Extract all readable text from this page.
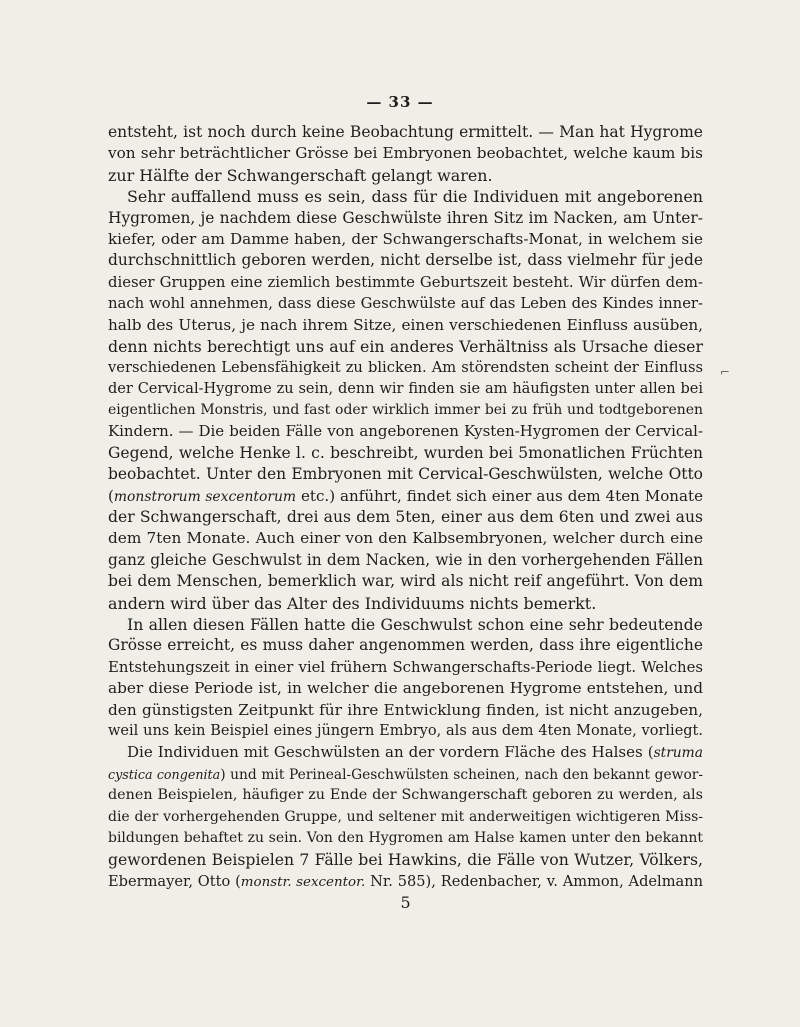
— 33 —
entsteht, ist noch durch keine Beobachtung ermittelt. — Man hat Hygrome
von sehr beträchtlicher Grösse bei Embryonen beobachtet, welche kaum bis
zur Hälfte der Schwangerschaft gelangt waren.
Sehr auffallend muss es sein, dass für die Individuen mit angeborenen
Hygromen, je nachdem diese Geschwülste ihren Sitz im Nacken, am Unter-
kiefer, oder am Damme haben, der Schwangerschafts-Monat, in welchem sie
durchschnittlich geboren werden, nicht derselbe ist, dass vielmehr für jede
dieser Gruppen eine ziemlich bestimmte Geburtszeit besteht. Wir dürfen dem-
nach wohl annehmen, dass diese Geschwülste auf das Leben des Kindes inner-
halb des Uterus, je nach ihrem Sitze, einen verschiedenen Einfluss ausüben,
denn nichts berechtigt uns auf ein anderes Verhältniss als Ursache dieser
verschiedenen Lebensfähigkeit zu blicken. Am störendsten scheint der Einfluss
der Cervical-Hygrome zu sein, denn wir finden sie am häufigsten unter allen bei
eigentlichen Monstris, und fast oder wirklich immer bei zu früh und todtgeborenen
Kindern. — Die beiden Fälle von angeborenen Kysten-Hygromen der Cervical-
Gegend, welche Henke l. c. beschreibt, wurden bei 5monatlichen Früchten
beobachtet. Unter den Embryonen mit Cervical-Geschwülsten, welche Otto
(monstrorum sexcentorum etc.) anführt, findet sich einer aus dem 4ten Monate
der Schwangerschaft, drei aus dem 5ten, einer aus dem 6ten und zwei aus
dem 7ten Monate. Auch einer von den Kalbsembryonen, welcher durch eine
ganz gleiche Geschwulst in dem Nacken, wie in den vorhergehenden Fällen
bei dem Menschen, bemerklich war, wird als nicht reif angeführt. Von dem
andern wird über das Alter des Individuums nichts bemerkt.
In allen diesen Fällen hatte die Geschwulst schon eine sehr bedeutende
Grösse erreicht, es muss daher angenommen werden, dass ihre eigentliche
Entstehungszeit in einer viel frühern Schwangerschafts-Periode liegt. Welches
aber diese Periode ist, in welcher die angeborenen Hygrome entstehen, und
den günstigsten Zeitpunkt für ihre Entwicklung finden, ist nicht anzugeben,
weil uns kein Beispiel eines jüngern Embryo, als aus dem 4ten Monate, vorliegt.
Die Individuen mit Geschwülsten an der vordern Fläche des Halses (struma
cystica congenita) und mit Perineal-Geschwülsten scheinen, nach den bekannt gewor-
denen Beispielen, häufiger zu Ende der Schwangerschaft geboren zu werden, als
die der vorhergehenden Gruppe, und seltener mit anderweitigen wichtigeren Miss-
bildungen behaftet zu sein. Von den Hygromen am Halse kamen unter den bekannt
gewordenen Beispielen 7 Fälle bei Hawkins, die Fälle von Wutzer, Völkers,
Ebermayer, Otto (monstr. sexcentor. Nr. 585), Redenbacher, v. Ammon, Adelmann
5
⌐
